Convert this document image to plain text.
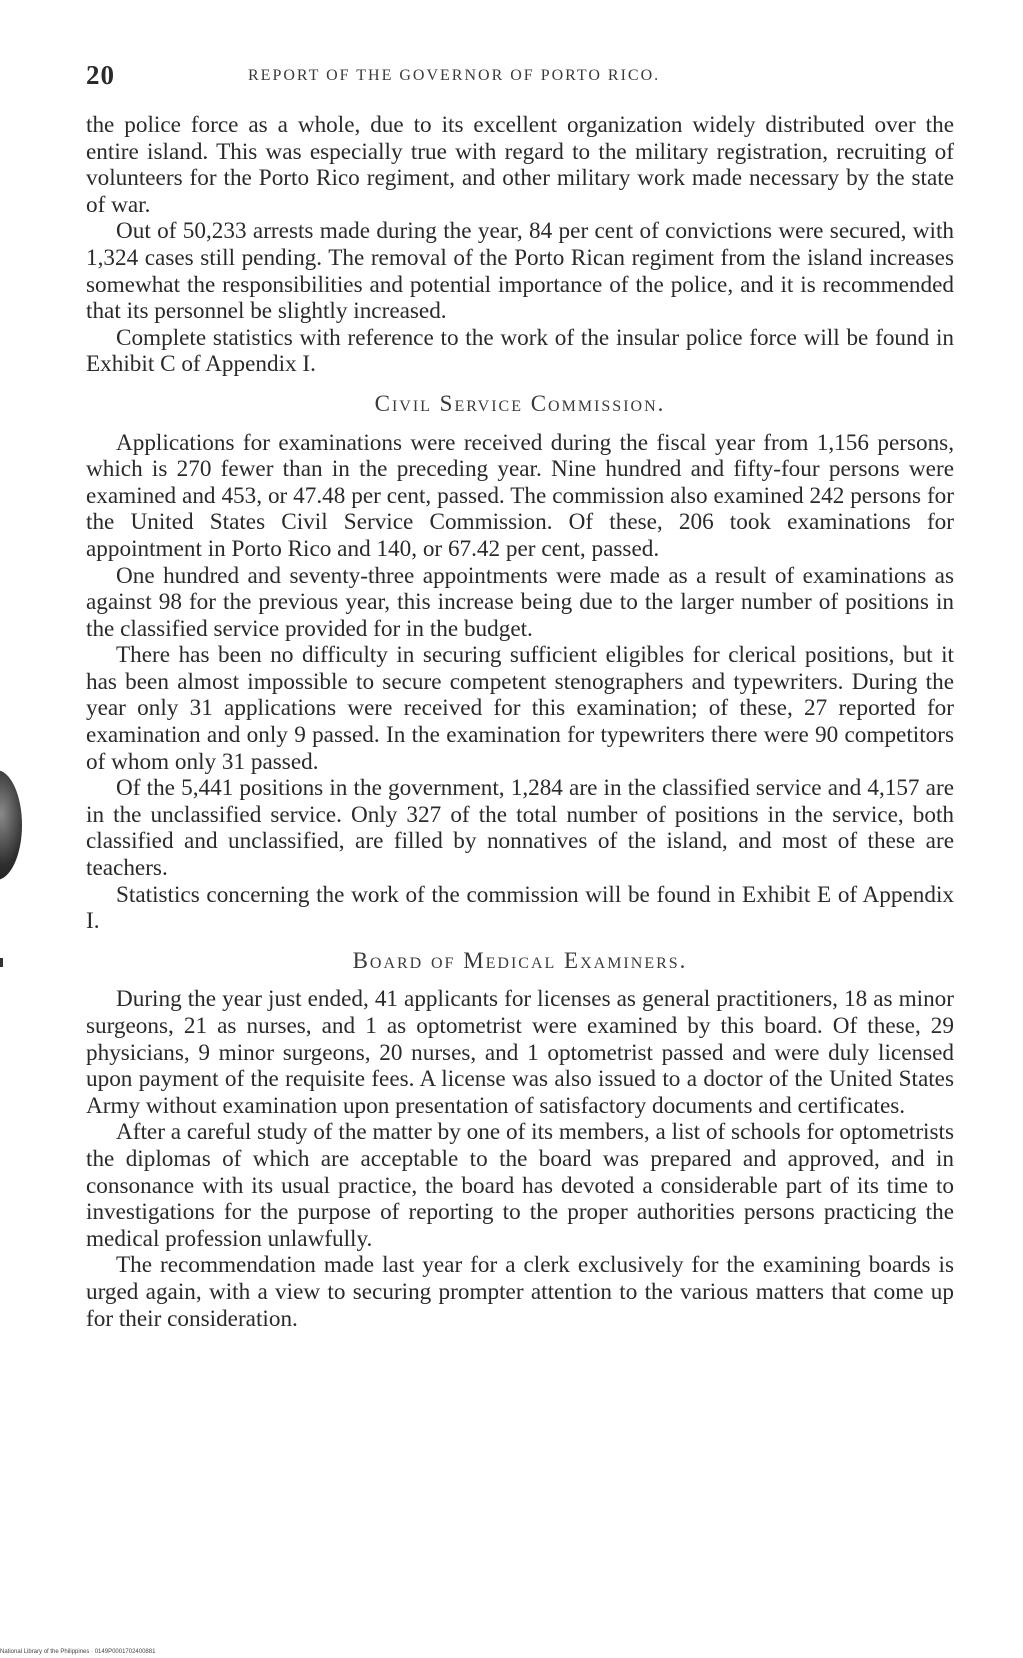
20	REPORT OF THE GOVERNOR OF PORTO RICO.

the police force as a whole, due to its excellent organization widely distributed over the entire island. This was especially true with regard to the military registration, recruiting of volunteers for the Porto Rico regiment, and other military work made necessary by the state of war.

Out of 50,233 arrests made during the year, 84 per cent of convictions were secured, with 1,324 cases still pending. The removal of the Porto Rican regiment from the island increases somewhat the responsibilities and potential importance of the police, and it is recommended that its personnel be slightly increased.

Complete statistics with reference to the work of the insular police force will be found in Exhibit C of Appendix I.

Civil Service Commission.

Applications for examinations were received during the fiscal year from 1,156 persons, which is 270 fewer than in the preceding year. Nine hundred and fifty-four persons were examined and 453, or 47.48 per cent, passed. The commission also examined 242 persons for the United States Civil Service Commission. Of these, 206 took examinations for appointment in Porto Rico and 140, or 67.42 per cent, passed.

One hundred and seventy-three appointments were made as a result of examinations as against 98 for the previous year, this increase being due to the larger number of positions in the classified service provided for in the budget.

There has been no difficulty in securing sufficient eligibles for clerical positions, but it has been almost impossible to secure competent stenographers and typewriters. During the year only 31 applications were received for this examination; of these, 27 reported for examination and only 9 passed. In the examination for typewriters there were 90 competitors of whom only 31 passed.

Of the 5,441 positions in the government, 1,284 are in the classified service and 4,157 are in the unclassified service. Only 327 of the total number of positions in the service, both classified and unclassified, are filled by nonnatives of the island, and most of these are teachers.

Statistics concerning the work of the commission will be found in Exhibit E of Appendix I.

Board of Medical Examiners.

During the year just ended, 41 applicants for licenses as general practitioners, 18 as minor surgeons, 21 as nurses, and 1 as optometrist were examined by this board. Of these, 29 physicians, 9 minor surgeons, 20 nurses, and 1 optometrist passed and were duly licensed upon payment of the requisite fees. A license was also issued to a doctor of the United States Army without examination upon presentation of satisfactory documents and certificates.

After a careful study of the matter by one of its members, a list of schools for optometrists the diplomas of which are acceptable to the board was prepared and approved, and in consonance with its usual practice, the board has devoted a considerable part of its time to investigations for the purpose of reporting to the proper authorities persons practicing the medical profession unlawfully.

The recommendation made last year for a clerk exclusively for the examining boards is urged again, with a view to securing prompter attention to the various matters that come up for their consideration.

National Library of the Philippines · 0149P0001702400881
